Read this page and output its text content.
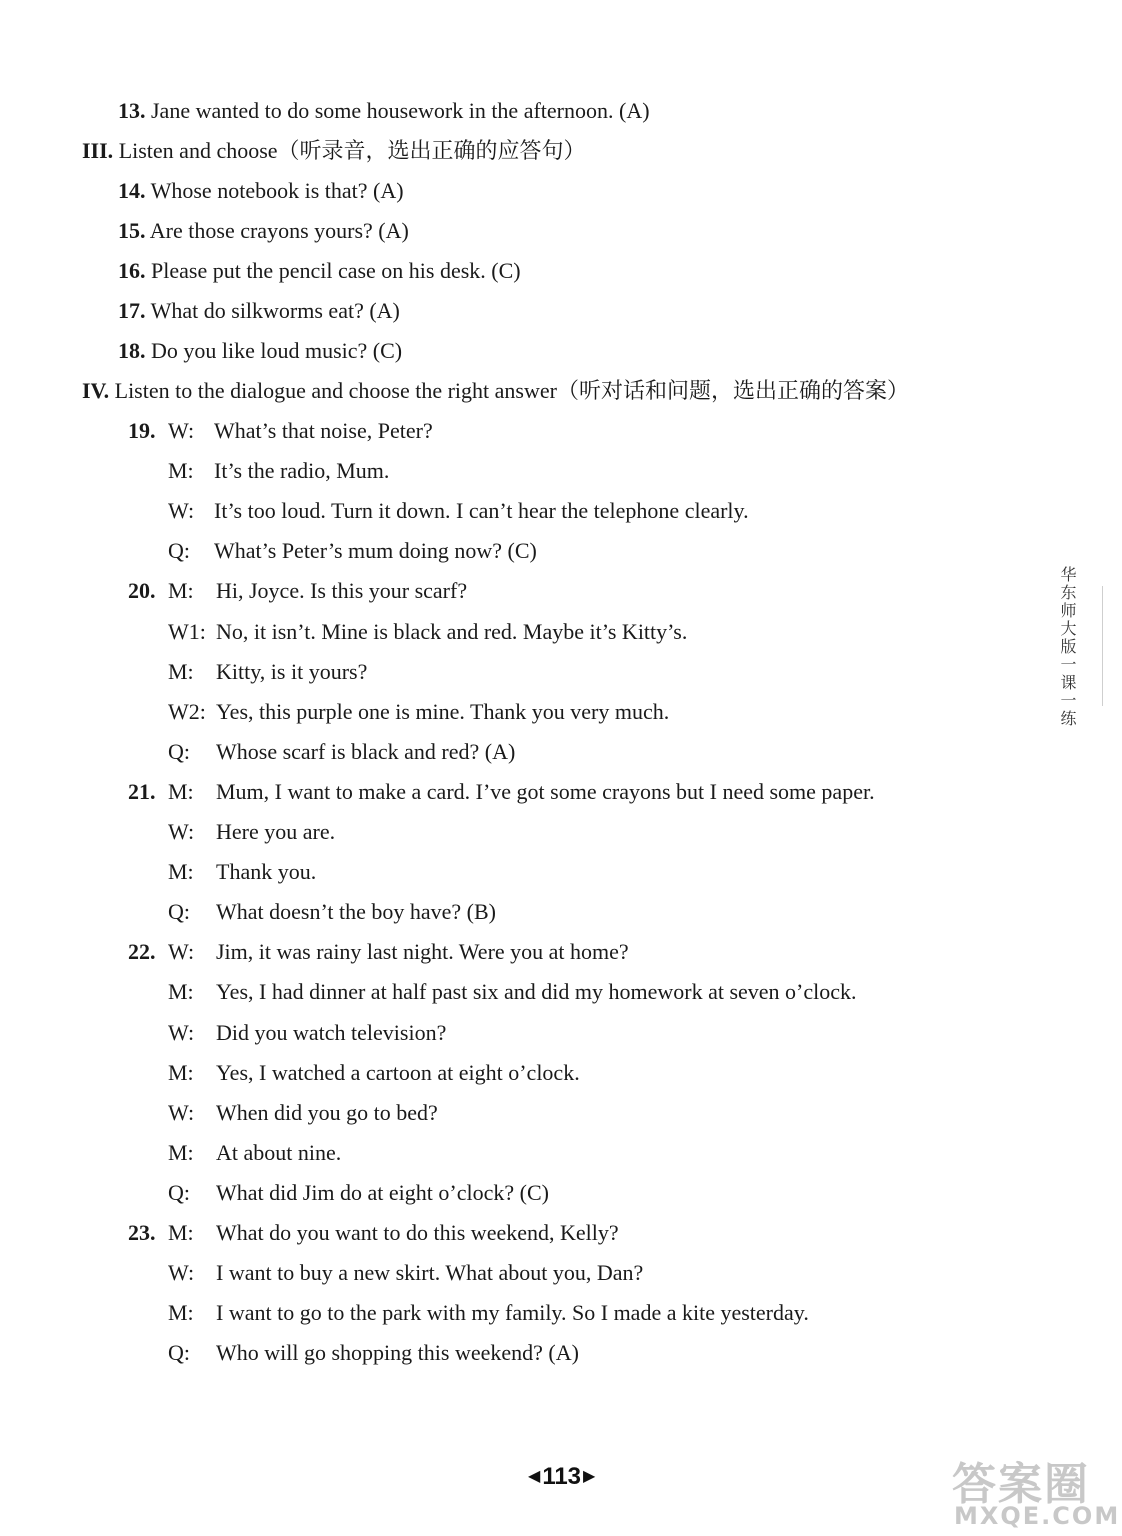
13. Jane wanted to do some housework in the afternoon. (A)
III. Listen and choose（听录音，选出正确的应答句）
14. Whose notebook is that? (A)
15. Are those crayons yours? (A)
16. Please put the pencil case on his desk. (C)
17. What do silkworms eat? (A)
18. Do you like loud music? (C)
IV. Listen to the dialogue and choose the right answer（听对话和问题，选出正确的答案）
19. W: What’s that noise, Peter?
M: It’s the radio, Mum.
W: It’s too loud. Turn it down. I can’t hear the telephone clearly.
Q: What’s Peter’s mum doing now? (C)
20. M: Hi, Joyce. Is this your scarf?
W1: No, it isn’t. Mine is black and red. Maybe it’s Kitty’s.
M: Kitty, is it yours?
W2: Yes, this purple one is mine. Thank you very much.
Q: Whose scarf is black and red? (A)
21. M: Mum, I want to make a card. I’ve got some crayons but I need some paper.
W: Here you are.
M: Thank you.
Q: What doesn’t the boy have? (B)
22. W: Jim, it was rainy last night. Were you at home?
M: Yes, I had dinner at half past six and did my homework at seven o’clock.
W: Did you watch television?
M: Yes, I watched a cartoon at eight o’clock.
W: When did you go to bed?
M: At about nine.
Q: What did Jim do at eight o’clock? (C)
23. M: What do you want to do this weekend, Kelly?
W: I want to buy a new skirt. What about you, Dan?
M: I want to go to the park with my family. So I made a kite yesterday.
Q: Who will go shopping this weekend? (A)
华东师大版一课一练
◀ 113 ▶	答案圈
MXQE.COM
